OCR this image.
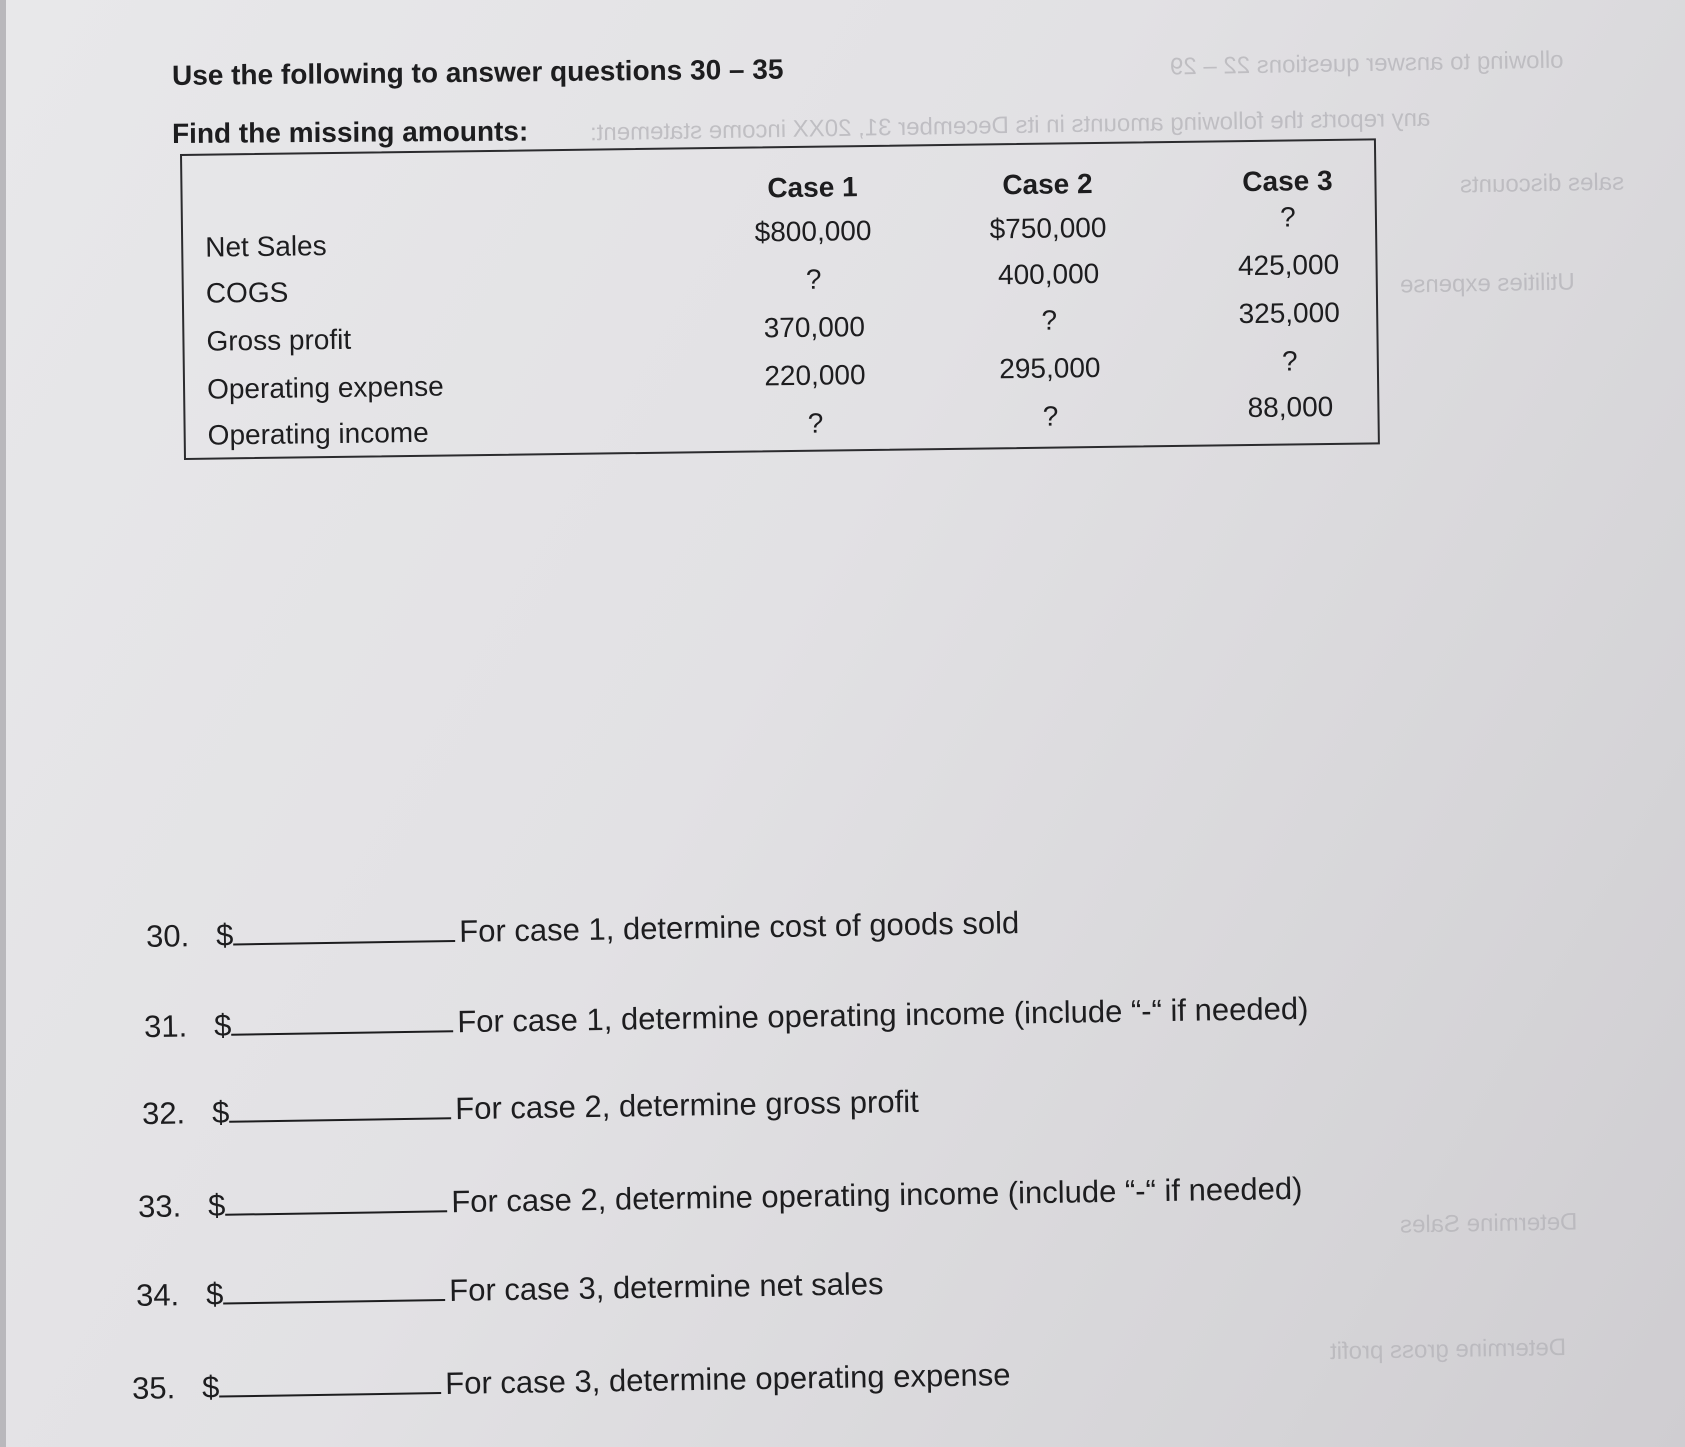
ollowing to answer questions 22 – 29
any reports the following amounts in its December 31, 20XX income statement:
sales discounts
Utilities expense
Determine Sales
Determine gross profit
Use the following to answer questions 30 – 35
Find the missing amounts:
Case 1	Case 2	Case 3
Net Sales	$800,000	$750,000	?
COGS	?	400,000	425,000
Gross profit	370,000	?	325,000
Operating expense	220,000	295,000	?
Operating income	?	?	88,000
30. $	For case 1, determine cost of goods sold
31. $	For case 1, determine operating income (include “-“ if needed)
32. $	For case 2, determine gross profit
33. $	For case 2, determine operating income (include “-“ if needed)
34. $	For case 3, determine net sales
35. $	For case 3, determine operating expense
